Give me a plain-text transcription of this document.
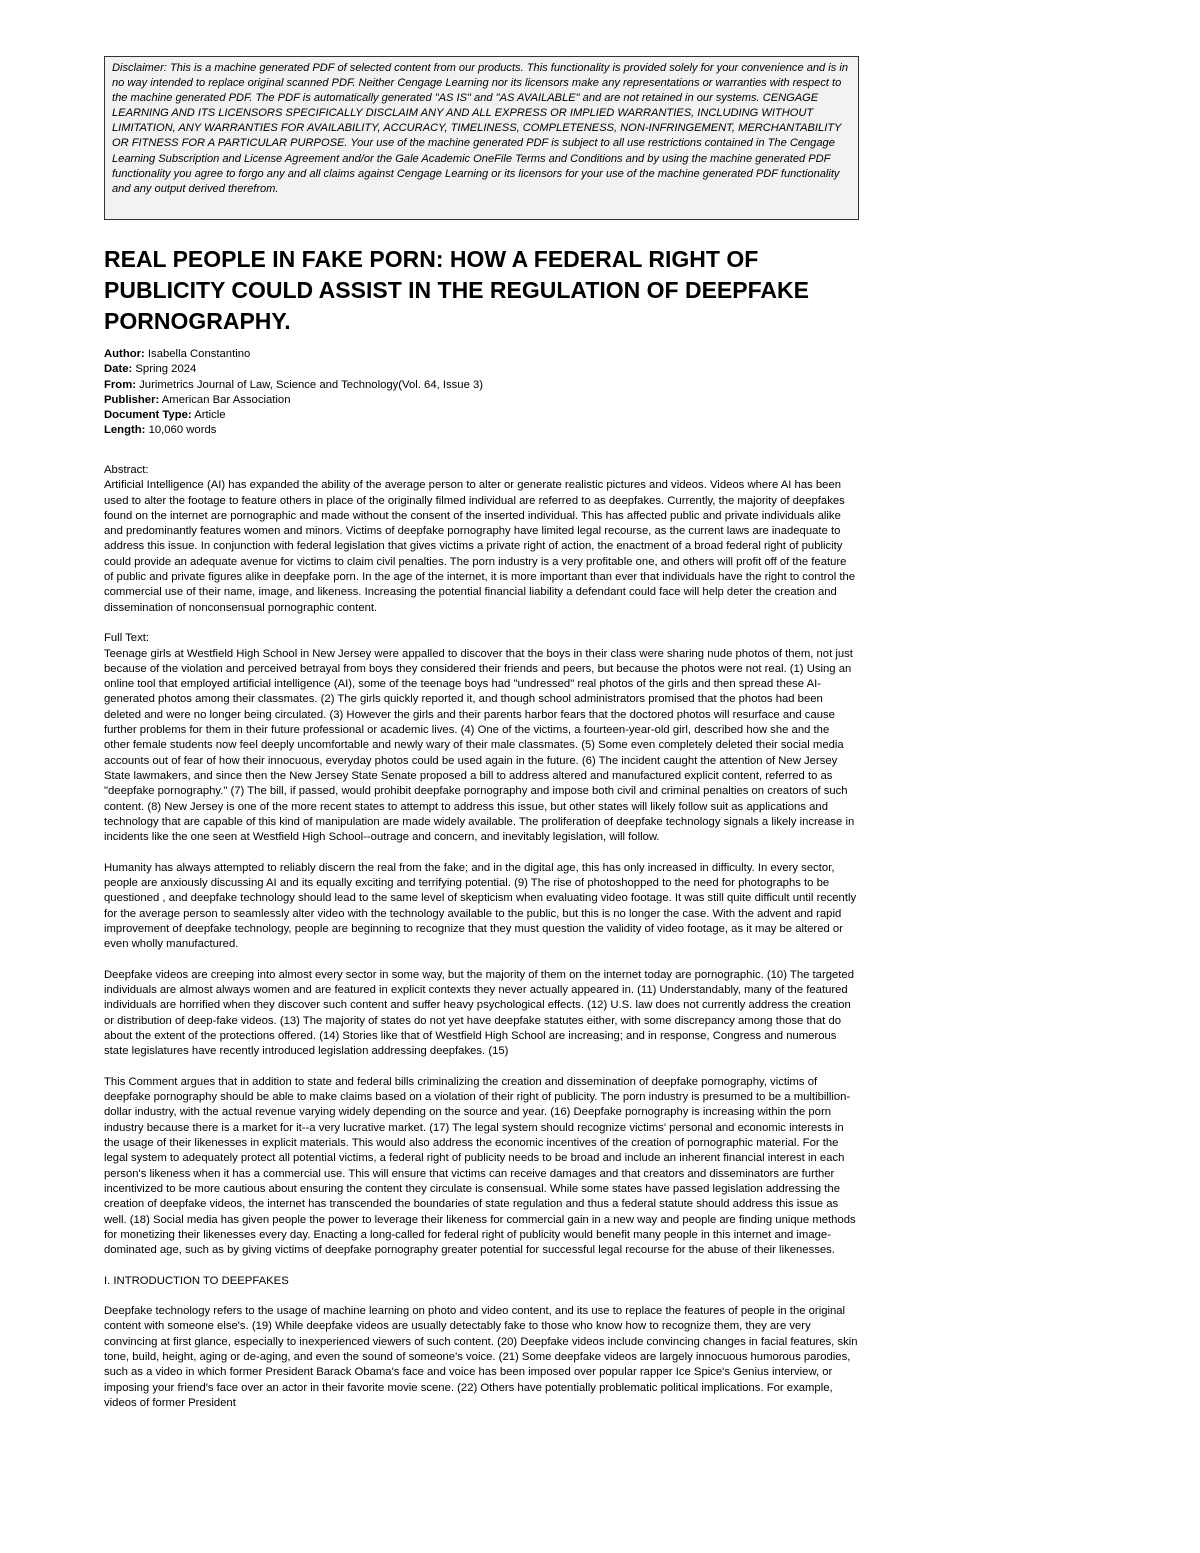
Disclaimer: This is a machine generated PDF of selected content from our products. This functionality is provided solely for your convenience and is in no way intended to replace original scanned PDF. Neither Cengage Learning nor its licensors make any representations or warranties with respect to the machine generated PDF. The PDF is automatically generated "AS IS" and "AS AVAILABLE" and are not retained in our systems. CENGAGE LEARNING AND ITS LICENSORS SPECIFICALLY DISCLAIM ANY AND ALL EXPRESS OR IMPLIED WARRANTIES, INCLUDING WITHOUT LIMITATION, ANY WARRANTIES FOR AVAILABILITY, ACCURACY, TIMELINESS, COMPLETENESS, NON-INFRINGEMENT, MERCHANTABILITY OR FITNESS FOR A PARTICULAR PURPOSE. Your use of the machine generated PDF is subject to all use restrictions contained in The Cengage Learning Subscription and License Agreement and/or the Gale Academic OneFile Terms and Conditions and by using the machine generated PDF functionality you agree to forgo any and all claims against Cengage Learning or its licensors for your use of the machine generated PDF functionality and any output derived therefrom.
REAL PEOPLE IN FAKE PORN: HOW A FEDERAL RIGHT OF PUBLICITY COULD ASSIST IN THE REGULATION OF DEEPFAKE PORNOGRAPHY.
Author: Isabella Constantino
Date: Spring 2024
From: Jurimetrics Journal of Law, Science and Technology(Vol. 64, Issue 3)
Publisher: American Bar Association
Document Type: Article
Length: 10,060 words

Abstract:
Artificial Intelligence (AI) has expanded the ability of the average person to alter or generate realistic pictures and videos. Videos where AI has been used to alter the footage to feature others in place of the originally filmed individual are referred to as deepfakes. Currently, the majority of deepfakes found on the internet are pornographic and made without the consent of the inserted individual. This has affected public and private individuals alike and predominantly features women and minors. Victims of deepfake pornography have limited legal recourse, as the current laws are inadequate to address this issue. In conjunction with federal legislation that gives victims a private right of action, the enactment of a broad federal right of publicity could provide an adequate avenue for victims to claim civil penalties. The porn industry is a very profitable one, and others will profit off of the feature of public and private figures alike in deepfake porn. In the age of the internet, it is more important than ever that individuals have the right to control the commercial use of their name, image, and likeness. Increasing the potential financial liability a defendant could face will help deter the creation and dissemination of nonconsensual pornographic content.

Full Text:
Teenage girls at Westfield High School in New Jersey were appalled to discover that the boys in their class were sharing nude photos of them, not just because of the violation and perceived betrayal from boys they considered their friends and peers, but because the photos were not real. (1) Using an online tool that employed artificial intelligence (AI), some of the teenage boys had "undressed" real photos of the girls and then spread these AI-generated photos among their classmates. (2) The girls quickly reported it, and though school administrators promised that the photos had been deleted and were no longer being circulated. (3) However the girls and their parents harbor fears that the doctored photos will resurface and cause further problems for them in their future professional or academic lives. (4) One of the victims, a fourteen-year-old girl, described how she and the other female students now feel deeply uncomfortable and newly wary of their male classmates. (5) Some even completely deleted their social media accounts out of fear of how their innocuous, everyday photos could be used again in the future. (6) The incident caught the attention of New Jersey State lawmakers, and since then the New Jersey State Senate proposed a bill to address altered and manufactured explicit content, referred to as "deepfake pornography." (7) The bill, if passed, would prohibit deepfake pornography and impose both civil and criminal penalties on creators of such content. (8) New Jersey is one of the more recent states to attempt to address this issue, but other states will likely follow suit as applications and technology that are capable of this kind of manipulation are made widely available. The proliferation of deepfake technology signals a likely increase in incidents like the one seen at Westfield High School--outrage and concern, and inevitably legislation, will follow.

Humanity has always attempted to reliably discern the real from the fake; and in the digital age, this has only increased in difficulty. In every sector, people are anxiously discussing AI and its equally exciting and terrifying potential. (9) The rise of photoshopped to the need for photographs to be questioned , and deepfake technology should lead to the same level of skepticism when evaluating video footage. It was still quite difficult until recently for the average person to seamlessly alter video with the technology available to the public, but this is no longer the case. With the advent and rapid improvement of deepfake technology, people are beginning to recognize that they must question the validity of video footage, as it may be altered or even wholly manufactured.

Deepfake videos are creeping into almost every sector in some way, but the majority of them on the internet today are pornographic. (10) The targeted individuals are almost always women and are featured in explicit contexts they never actually appeared in. (11) Understandably, many of the featured individuals are horrified when they discover such content and suffer heavy psychological effects. (12) U.S. law does not currently address the creation or distribution of deep-fake videos. (13) The majority of states do not yet have deepfake statutes either, with some discrepancy among those that do about the extent of the protections offered. (14) Stories like that of Westfield High School are increasing; and in response, Congress and numerous state legislatures have recently introduced legislation addressing deepfakes. (15)

This Comment argues that in addition to state and federal bills criminalizing the creation and dissemination of deepfake pornography, victims of deepfake pornography should be able to make claims based on a violation of their right of publicity. The porn industry is presumed to be a multibillion-dollar industry, with the actual revenue varying widely depending on the source and year. (16) Deepfake pornography is increasing within the porn industry because there is a market for it--a very lucrative market. (17) The legal system should recognize victims' personal and economic interests in the usage of their likenesses in explicit materials. This would also address the economic incentives of the creation of pornographic material. For the legal system to adequately protect all potential victims, a federal right of publicity needs to be broad and include an inherent financial interest in each person's likeness when it has a commercial use. This will ensure that victims can receive damages and that creators and disseminators are further incentivized to be more cautious about ensuring the content they circulate is consensual. While some states have passed legislation addressing the creation of deepfake videos, the internet has transcended the boundaries of state regulation and thus a federal statute should address this issue as well. (18) Social media has given people the power to leverage their likeness for commercial gain in a new way and people are finding unique methods for monetizing their likenesses every day. Enacting a long-called for federal right of publicity would benefit many people in this internet and image-dominated age, such as by giving victims of deepfake pornography greater potential for successful legal recourse for the abuse of their likenesses.

I. INTRODUCTION TO DEEPFAKES

Deepfake technology refers to the usage of machine learning on photo and video content, and its use to replace the features of people in the original content with someone else's. (19) While deepfake videos are usually detectably fake to those who know how to recognize them, they are very convincing at first glance, especially to inexperienced viewers of such content. (20) Deepfake videos include convincing changes in facial features, skin tone, build, height, aging or de-aging, and even the sound of someone's voice. (21) Some deepfake videos are largely innocuous humorous parodies, such as a video in which former President Barack Obama's face and voice has been imposed over popular rapper Ice Spice's Genius interview, or imposing your friend's face over an actor in their favorite movie scene. (22) Others have potentially problematic political implications. For example, videos of former President
